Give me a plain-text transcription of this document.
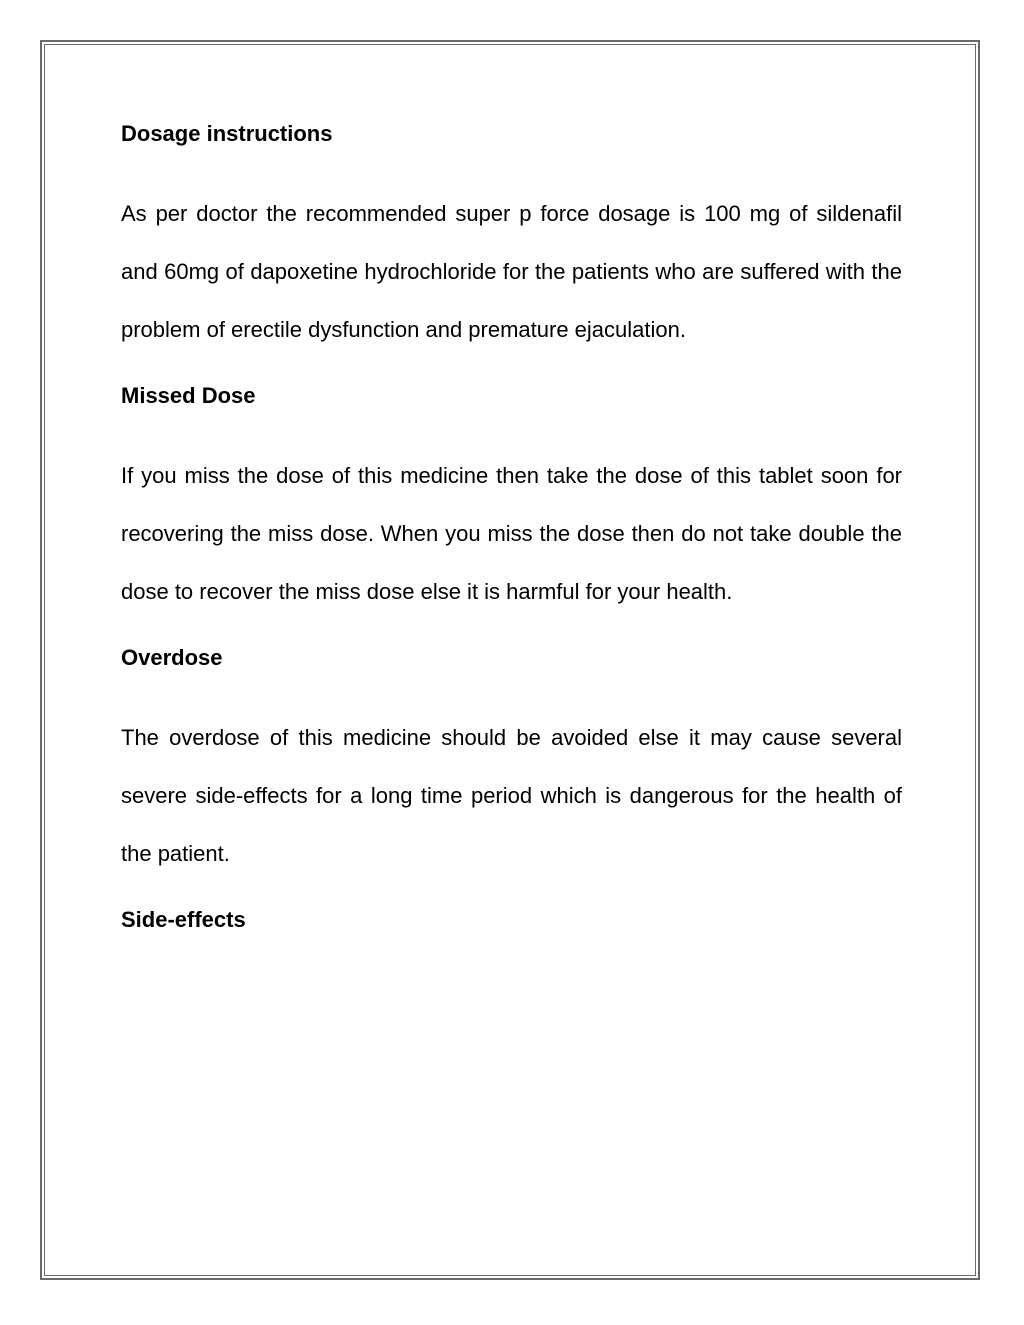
Dosage instructions

As per doctor the recommended super p force dosage is 100 mg of sildenafil and 60mg of dapoxetine hydrochloride for the patients who are suffered with the problem of erectile dysfunction and premature ejaculation.

Missed Dose

If you miss the dose of this medicine then take the dose of this tablet soon for recovering the miss dose. When you miss the dose then do not take double the dose to recover the miss dose else it is harmful for your health.

Overdose

The overdose of this medicine should be avoided else it may cause several severe side-effects for a long time period which is dangerous for the health of the patient.

Side-effects
